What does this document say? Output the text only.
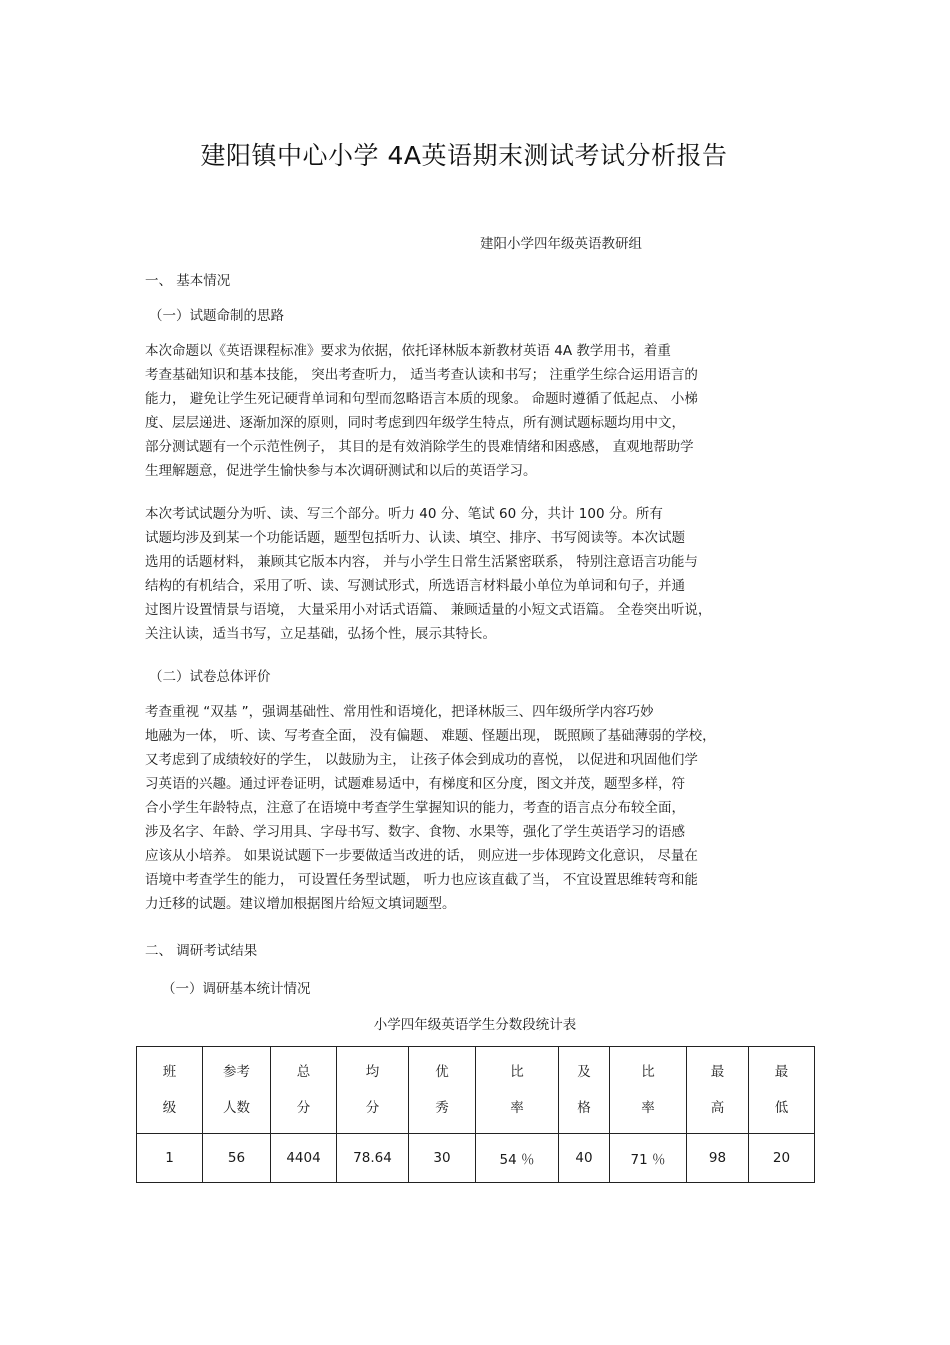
建阳镇中心小学 4A英语期末测试考试分析报告
建阳小学四年级英语教研组
一、 基本情况
（一）试题命制的思路
本次命题以《英语课程标准》要求为依据，依托译林版本新教材英语 4A 教学用书，着重
考查基础知识和基本技能， 突出考查听力， 适当考查认读和书写； 注重学生综合运用语言的
能力， 避免让学生死记硬背单词和句型而忽略语言本质的现象。 命题时遵循了低起点、 小梯
度、层层递进、逐渐加深的原则，同时考虑到四年级学生特点，所有测试题标题均用中文，
部分测试题有一个示范性例子， 其目的是有效消除学生的畏难情绪和困惑感， 直观地帮助学
生理解题意，促进学生愉快参与本次调研测试和以后的英语学习。
本次考试试题分为听、读、写三个部分。听力 40 分、笔试 60 分，共计 100 分。所有
试题均涉及到某一个功能话题，题型包括听力、认读、填空、排序、书写阅读等。本次试题
选用的话题材料， 兼顾其它版本内容， 并与小学生日常生活紧密联系， 特别注意语言功能与
结构的有机结合，采用了听、读、写测试形式，所选语言材料最小单位为单词和句子，并通
过图片设置情景与语境， 大量采用小对话式语篇、 兼顾适量的小短文式语篇。 全卷突出听说，
关注认读，适当书写，立足基础，弘扬个性，展示其特长。
（二）试卷总体评价
考查重视 “双基 ”，强调基础性、常用性和语境化，把译林版三、四年级所学内容巧妙
地融为一体， 听、读、写考查全面， 没有偏题、 难题、怪题出现， 既照顾了基础薄弱的学校，
又考虑到了成绩较好的学生， 以鼓励为主， 让孩子体会到成功的喜悦， 以促进和巩固他们学
习英语的兴趣。通过评卷证明，试题难易适中，有梯度和区分度，图文并茂，题型多样，符
合小学生年龄特点，注意了在语境中考查学生掌握知识的能力，考查的语言点分布较全面，
涉及名字、年龄、学习用具、字母书写、数字、食物、水果等，强化了学生英语学习的语感
应该从小培养。 如果说试题下一步要做适当改进的话， 则应进一步体现跨文化意识， 尽量在
语境中考查学生的能力， 可设置任务型试题， 听力也应该直截了当， 不宜设置思维转弯和能
力迁移的试题。建议增加根据图片给短文填词题型。
二、 调研考试结果
（一）调研基本统计情况
小学四年级英语学生分数段统计表
班
级	参考
人数	总
分	均
分	优
秀	比
率	及
格	比
率	最
高	最
低

1	56	4404	78.64	30	54 ％	40	71 ％	98	20
